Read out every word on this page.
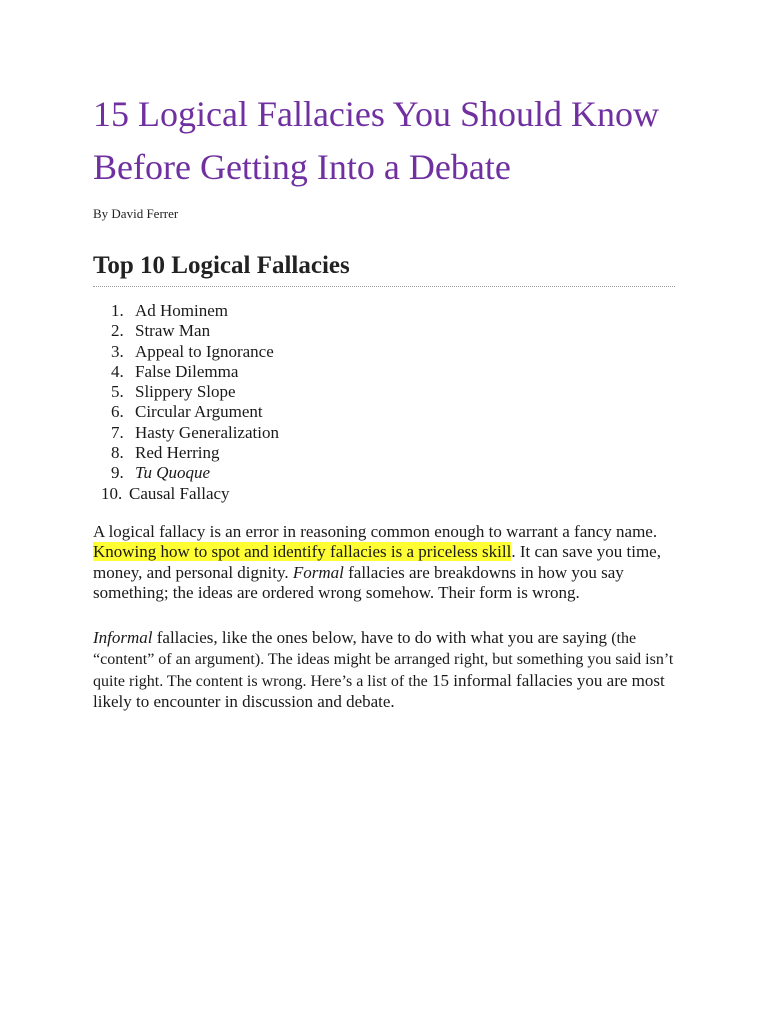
15 Logical Fallacies You Should Know Before Getting Into a Debate
By David Ferrer
Top 10 Logical Fallacies
1. Ad Hominem
2. Straw Man
3. Appeal to Ignorance
4. False Dilemma
5. Slippery Slope
6. Circular Argument
7. Hasty Generalization
8. Red Herring
9. Tu Quoque
10. Causal Fallacy

A logical fallacy is an error in reasoning common enough to warrant a fancy name. Knowing how to spot and identify fallacies is a priceless skill. It can save you time, money, and personal dignity. Formal fallacies are breakdowns in how you say something; the ideas are ordered wrong somehow. Their form is wrong.

Informal fallacies, like the ones below, have to do with what you are saying (the “content” of an argument). The ideas might be arranged right, but something you said isn’t quite right. The content is wrong. Here’s a list of the 15 informal fallacies you are most likely to encounter in discussion and debate.
